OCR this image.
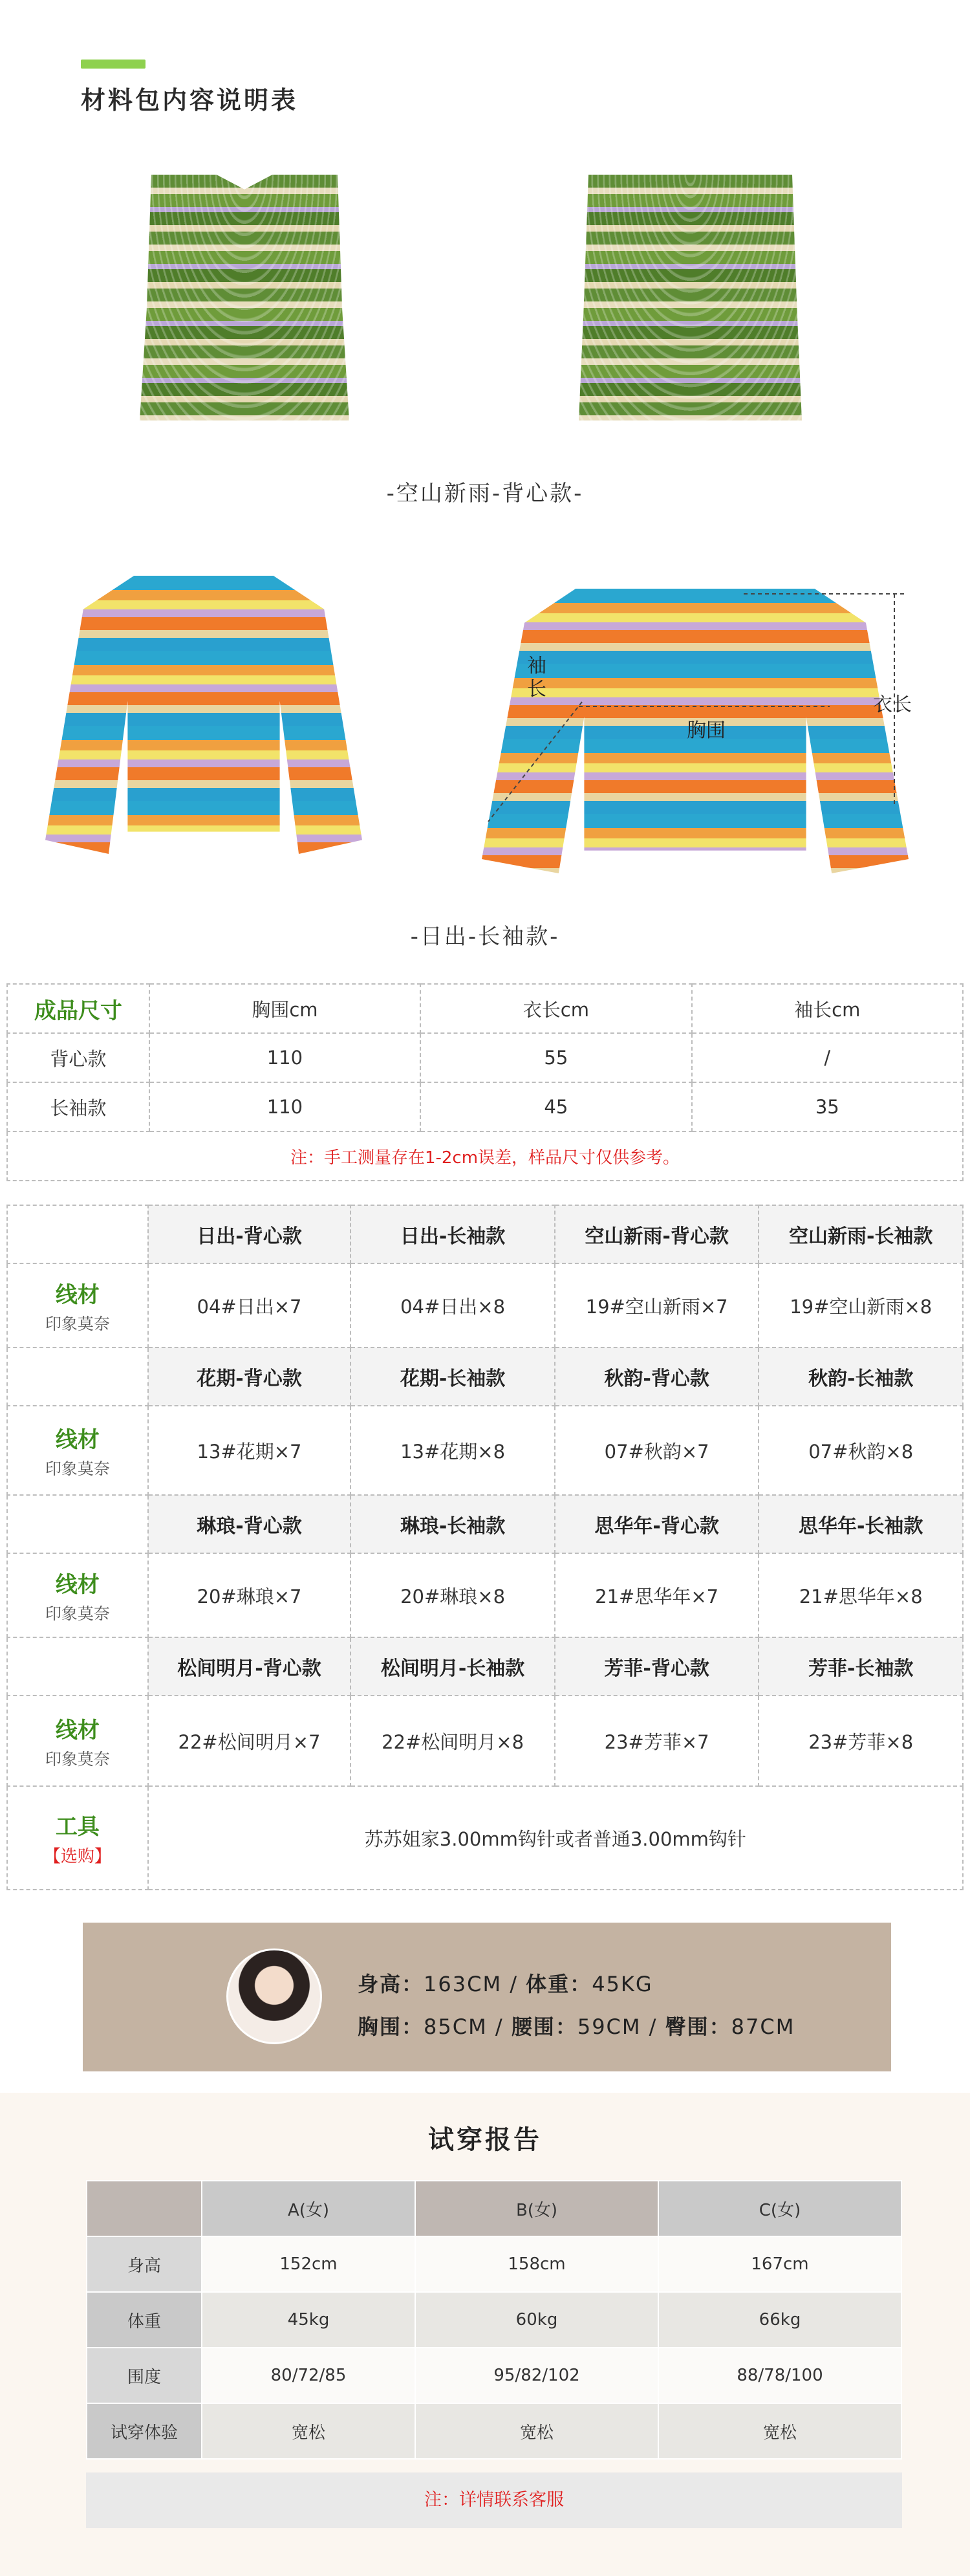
材料包内容说明表
-空山新雨-背心款-
袖长
胸围
衣长
-日出-长袖款-
成品尺寸	胸围cm	衣长cm	袖长cm
背心款	110	55	/
长袖款	110	45	35
注：手工测量存在1-2cm误差，样品尺寸仅供参考。			
	日出-背心款	日出-长袖款	空山新雨-背心款	空山新雨-长袖款

线材
印象莫奈	04#日出×7	04#日出×8	19#空山新雨×7	19#空山新雨×8
	花期-背心款	花期-长袖款	秋韵-背心款	秋韵-长袖款

线材
印象莫奈	13#花期×7	13#花期×8	07#秋韵×7	07#秋韵×8
	琳琅-背心款	琳琅-长袖款	思华年-背心款	思华年-长袖款

线材
印象莫奈	20#琳琅×7	20#琳琅×8	21#思华年×7	21#思华年×8
	松间明月-背心款	松间明月-长袖款	芳菲-背心款	芳菲-长袖款

线材
印象莫奈	22#松间明月×7	22#松间明月×8	23#芳菲×7	23#芳菲×8

工具
【选购】	苏苏姐家3.00mm钩针或者普通3.00mm钩针			
身高：163CM / 体重：45KG
胸围：85CM / 腰围：59CM / 臀围：87CM
试穿报告
	A(女)	B(女)	C(女)
身高	152cm	158cm	167cm
体重	45kg	60kg	66kg
围度	80/72/85	95/82/102	88/78/100
试穿体验	宽松	宽松	宽松
注：详情联系客服
